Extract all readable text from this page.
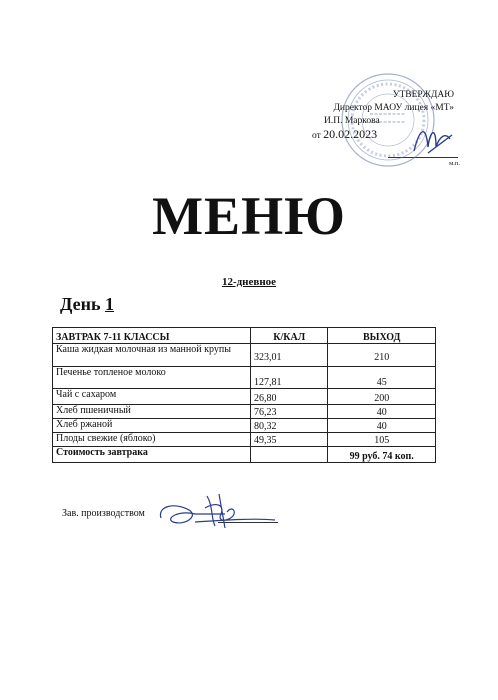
УТВЕРЖДАЮ
Директор МАОУ лицея «МТ»
И.П. Маркова
от 20.02.2023
м.п.
МЕНЮ
12-дневное
День 1
ЗАВТРАК 7-11 КЛАССЫ	К/КАЛ	ВЫХОД
Каша жидкая молочная из манной крупы	323,01	210
Печенье топленое молоко	127,81	45
Чай с сахаром	26,80	200
Хлеб пшеничный	76,23	40
Хлеб ржаной	80,32	40
Плоды свежие (яблоко)	49,35	105
Стоимость завтрака		99 руб. 74 коп.
Зав. производством
